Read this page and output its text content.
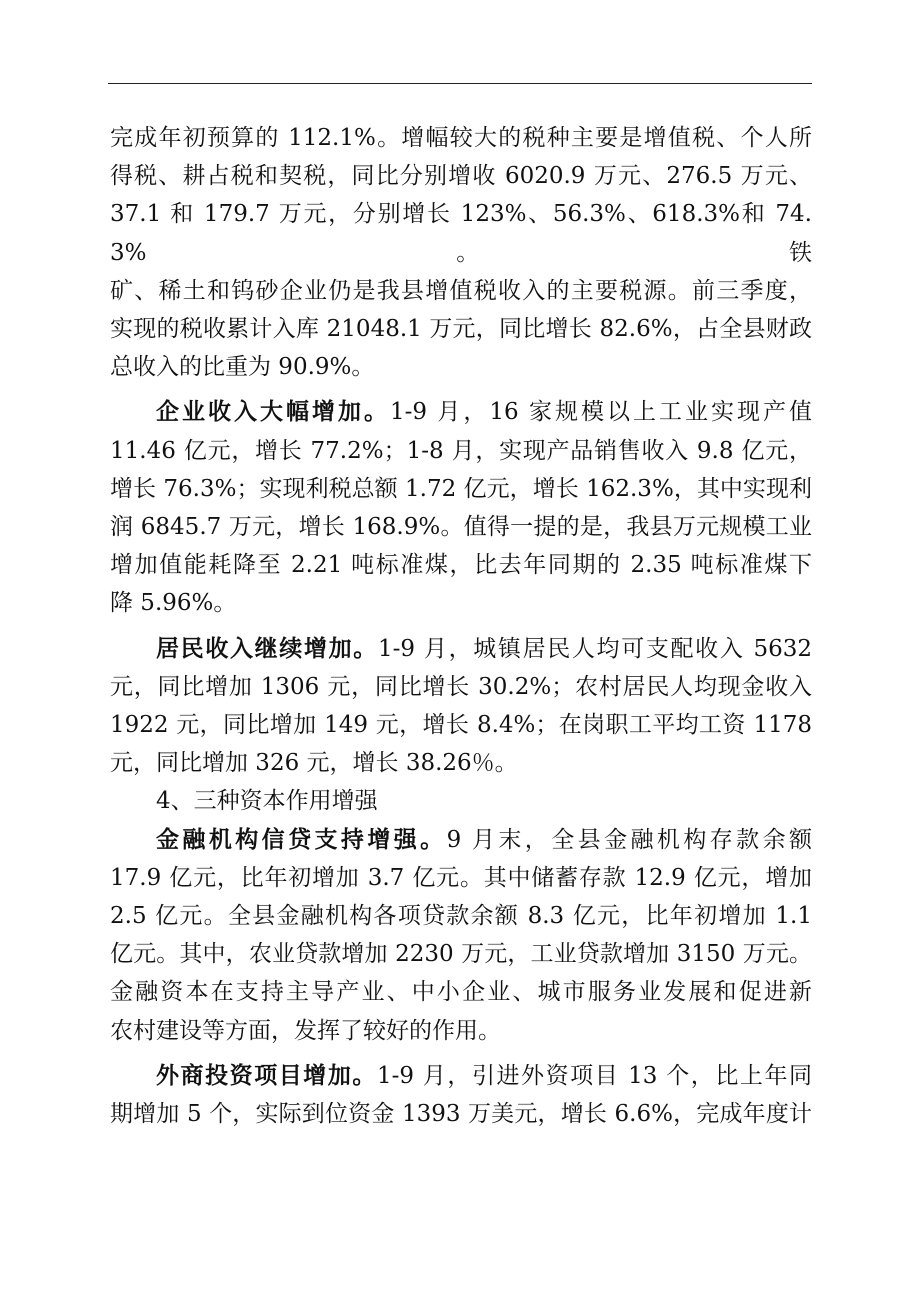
完成年初预算的 112.1%。增幅较大的税种主要是增值税、个人所
得税、耕占税和契税，同比分别增收 6020.9 万元、276.5 万元、
37.1 和 179.7 万元，分别增长 123%、56.3%、618.3%和 74.3%。铁
矿、稀土和钨砂企业仍是我县增值税收入的主要税源。前三季度，
实现的税收累计入库 21048.1 万元，同比增长 82.6%，占全县财政
总收入的比重为 90.9%。
企业收入大幅增加。1-9 月，16 家规模以上工业实现产值
11.46 亿元，增长 77.2%；1-8 月，实现产品销售收入 9.8 亿元，
增长 76.3%；实现利税总额 1.72 亿元，增长 162.3%，其中实现利
润 6845.7 万元，增长 168.9%。值得一提的是，我县万元规模工业
增加值能耗降至 2.21 吨标准煤，比去年同期的 2.35 吨标准煤下
降 5.96%。
居民收入继续增加。1-9 月，城镇居民人均可支配收入 5632
元，同比增加 1306 元，同比增长 30.2%；农村居民人均现金收入
1922 元，同比增加 149 元，增长 8.4%；在岗职工平均工资 1178
元，同比增加 326 元，增长 38.26％。
4、三种资本作用增强
金融机构信贷支持增强。9 月末，全县金融机构存款余额
17.9 亿元，比年初增加 3.7 亿元。其中储蓄存款 12.9 亿元，增加
2.5 亿元。全县金融机构各项贷款余额 8.3 亿元，比年初增加 1.1
亿元。其中，农业贷款增加 2230 万元，工业贷款增加 3150 万元。
金融资本在支持主导产业、中小企业、城市服务业发展和促进新
农村建设等方面，发挥了较好的作用。
外商投资项目增加。1-9 月，引进外资项目 13 个，比上年同
期增加 5 个，实际到位资金 1393 万美元，增长 6.6%，完成年度计
